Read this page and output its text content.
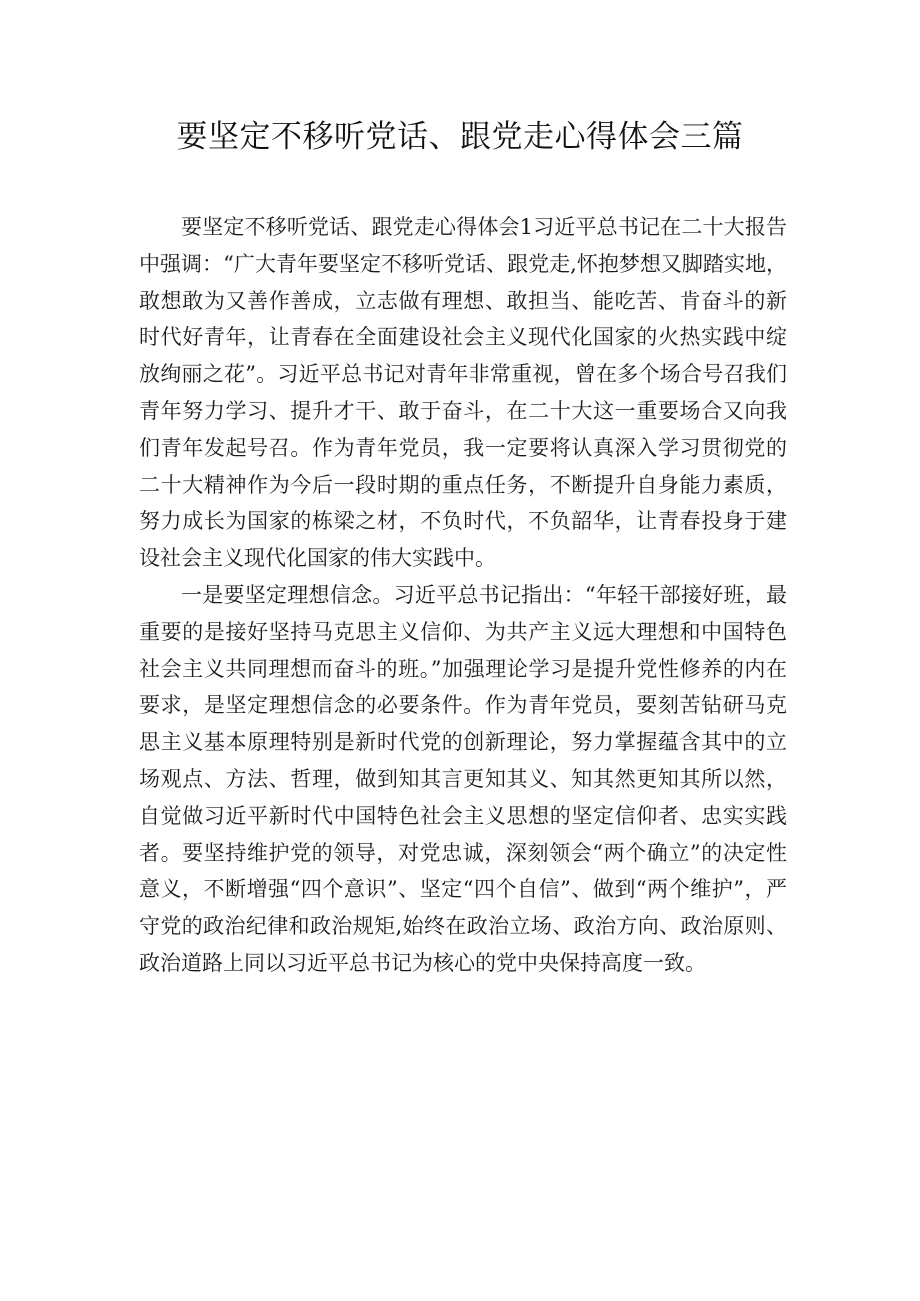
要坚定不移听党话、跟党走心得体会三篇

要坚定不移听党话、跟党走心得体会1习近平总书记在二十大报告中强调：“广大青年要坚定不移听党话、跟党走,怀抱梦想又脚踏实地，敢想敢为又善作善成，立志做有理想、敢担当、能吃苦、肯奋斗的新时代好青年，让青春在全面建设社会主义现代化国家的火热实践中绽放绚丽之花”。习近平总书记对青年非常重视，曾在多个场合号召我们青年努力学习、提升才干、敢于奋斗，在二十大这一重要场合又向我们青年发起号召。作为青年党员，我一定要将认真深入学习贯彻党的二十大精神作为今后一段时期的重点任务，不断提升自身能力素质，努力成长为国家的栋梁之材，不负时代，不负韶华，让青春投身于建设社会主义现代化国家的伟大实践中。

一是要坚定理想信念。习近平总书记指出：“年轻干部接好班，最重要的是接好坚持马克思主义信仰、为共产主义远大理想和中国特色社会主义共同理想而奋斗的班。”加强理论学习是提升党性修养的内在要求，是坚定理想信念的必要条件。作为青年党员，要刻苦钻研马克思主义基本原理特别是新时代党的创新理论，努力掌握蕴含其中的立场观点、方法、哲理，做到知其言更知其义、知其然更知其所以然，自觉做习近平新时代中国特色社会主义思想的坚定信仰者、忠实实践者。要坚持维护党的领导，对党忠诚，深刻领会“两个确立”的决定性意义，不断增强“四个意识”、坚定“四个自信”、做到“两个维护”，严守党的政治纪律和政治规矩,始终在政治立场、政治方向、政治原则、政治道路上同以习近平总书记为核心的党中央保持高度一致。
